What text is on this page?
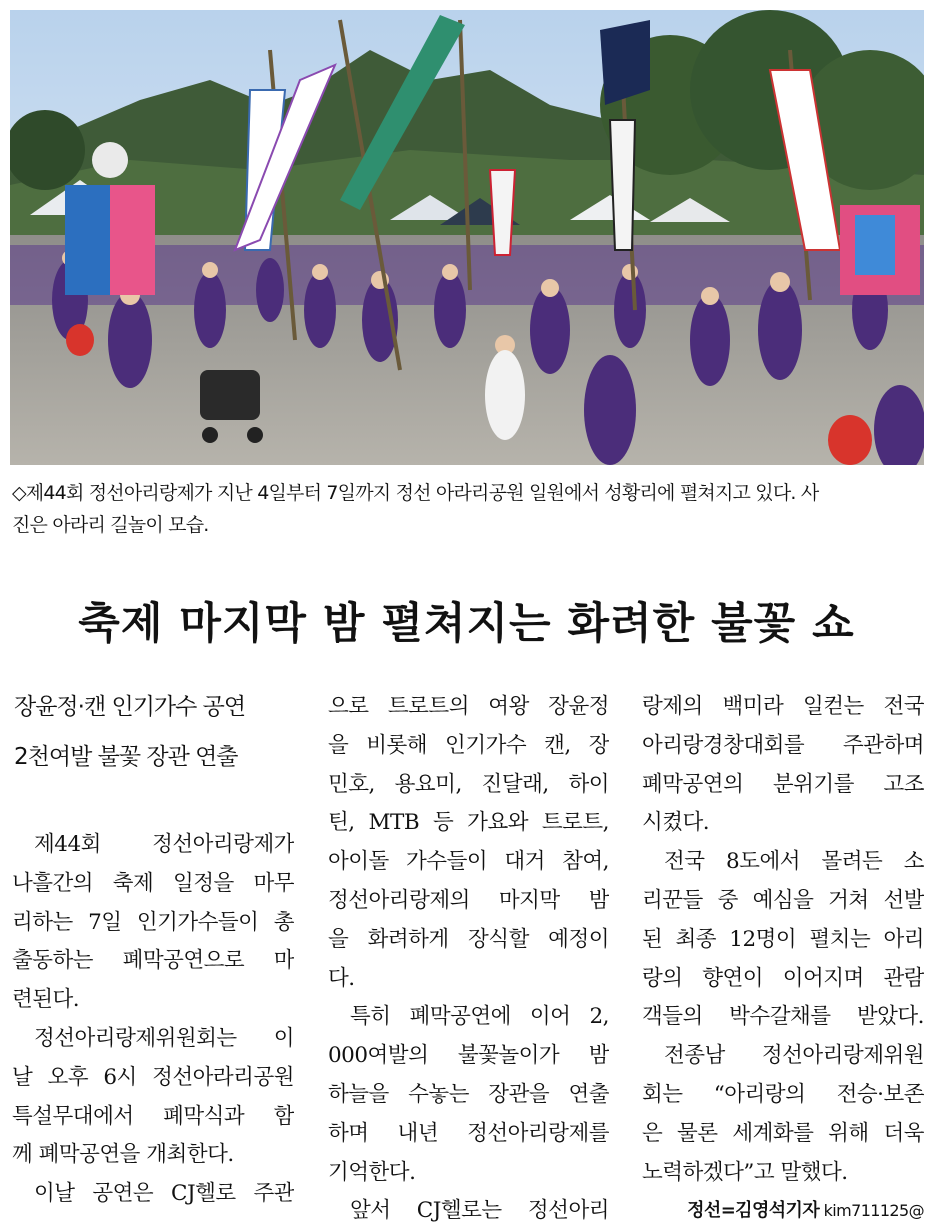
◇제44회 정선아리랑제가 지난 4일부터 7일까지 정선 아라리공원 일원에서 성황리에 펼쳐지고 있다. 사
진은 아라리 길놀이 모습.
축제 마지막 밤 펼쳐지는 화려한 불꽃 쇼
장윤정·캔 인기가수 공연
2천여발 불꽃 장관 연출
제44회 정선아리랑제가
나흘간의 축제 일정을 마무
리하는 7일 인기가수들이 총
출동하는 폐막공연으로 마
련된다.
정선아리랑제위원회는 이
날 오후 6시 정선아라리공원
특설무대에서 폐막식과 함
께 폐막공연을 개최한다.
이날 공연은 CJ헬로 주관
으로 트로트의 여왕 장윤정
을 비롯해 인기가수 캔, 장
민호, 용요미, 진달래, 하이
틴, MTB 등 가요와 트로트,
아이돌 가수들이 대거 참여,
정선아리랑제의 마지막 밤
을 화려하게 장식할 예정이
다.
특히 폐막공연에 이어 2,
000여발의 불꽃놀이가 밤
하늘을 수놓는 장관을 연출
하며 내년 정선아리랑제를
기억한다.
앞서 CJ헬로는 정선아리
랑제의 백미라 일컫는 전국
아리랑경창대회를 주관하며
폐막공연의 분위기를 고조
시켰다.
전국 8도에서 몰려든 소
리꾼들 중 예심을 거쳐 선발
된 최종 12명이 펼치는 아리
랑의 향연이 이어지며 관람
객들의 박수갈채를 받았다.
전종남 정선아리랑제위원
회는 “아리랑의 전승·보존
은 물론 세계화를 위해 더욱
노력하겠다”고 말했다.
정선=김영석기자 kim711125@
